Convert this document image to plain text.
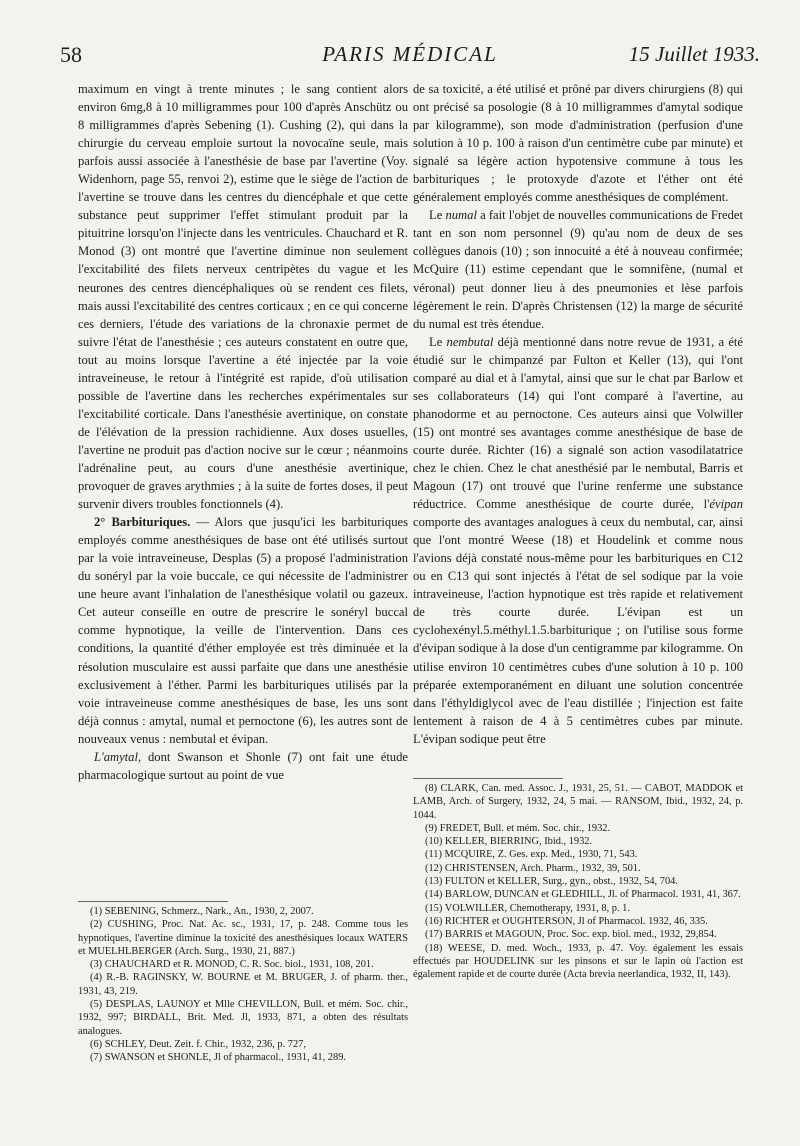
58	PARIS MÉDICAL	15 Juillet 1933.

maximum en vingt à trente minutes ; le sang contient alors environ 6mg,8 à 10 milligrammes pour 100 d'après Anschütz ou 8 milligrammes d'après Sebening (1). Cushing (2), qui dans la chirurgie du cerveau emploie surtout la novocaïne seule, mais parfois aussi associée à l'anesthésie de base par l'avertine (Voy. Widenhorn, page 55, renvoi 2), estime que le siège de l'action de l'avertine se trouve dans les centres du diencéphale et que cette substance peut supprimer l'effet stimulant produit par la pituitrine lorsqu'on l'injecte dans les ventricules. Chauchard et R. Monod (3) ont montré que l'avertine diminue non seulement l'excitabilité des filets nerveux centripètes du vague et les neurones des centres diencéphaliques où se rendent ces filets, mais aussi l'excitabilité des centres corticaux ; en ce qui concerne ces derniers, l'étude des variations de la chronaxie permet de suivre l'état de l'anesthésie ; ces auteurs constatent en outre que, tout au moins lorsque l'avertine a été injectée par la voie intraveineuse, le retour à l'intégrité est rapide, d'où utilisation possible de l'avertine dans les recherches expérimentales sur l'excitabilité corticale. Dans l'anesthésie avertinique, on constate de l'élévation de la pression rachidienne. Aux doses usuelles, l'avertine ne produit pas d'action nocive sur le cœur ; néanmoins l'adrénaline peut, au cours d'une anesthésie avertinique, provoquer de graves arythmies ; à la suite de fortes doses, il peut survenir divers troubles fonctionnels (4).

2° Barbituriques. — Alors que jusqu'ici les barbituriques employés comme anesthésiques de base ont été utilisés surtout par la voie intraveineuse, Desplas (5) a proposé l'administration du sonéryl par la voie buccale, ce qui nécessite de l'administrer une heure avant l'inhalation de l'anesthésique volatil ou gazeux. Cet auteur conseille en outre de prescrire le sonéryl buccal comme hypnotique, la veille de l'intervention. Dans ces conditions, la quantité d'éther employée est très diminuée et la résolution musculaire est aussi parfaite que dans une anesthésie exclusivement à l'éther. Parmi les barbituriques utilisés par la voie intraveineuse comme anesthésiques de base, les uns sont déjà connus : amytal, numal et pernoctone (6), les autres sont de nouveaux venus : nembutal et évipan.

L'amytal, dont Swanson et Shonle (7) ont fait une étude pharmacologique surtout au point de vue

(1) SEBENING, Schmerz., Nark., An., 1930, 2, 2007.

(2) CUSHING, Proc. Nat. Ac. sc., 1931, 17, p. 248. Comme tous les hypnotiques, l'avertine diminue la toxicité des anesthésiques locaux WATERS et MUELHLBERGER (Arch. Surg., 1930, 21, 887.)

(3) CHAUCHARD et R. MONOD, C. R. Soc. biol., 1931, 108, 201.

(4) R.-B. RAGINSKY, W. BOURNE et M. BRUGER, J. of pharm. ther., 1931, 43, 219.

(5) DESPLAS, LAUNOY et Mlle CHEVILLON, Bull. et mém. Soc. chir., 1932, 997; BIRDALL, Brit. Med. Jl, 1933, 871, a obten des résultats analogues.

(6) SCHLEY, Deut. Zeit. f. Chir., 1932, 236, p. 727,

(7) SWANSON et SHONLE, Jl of pharmacol., 1931, 41, 289.

de sa toxicité, a été utilisé et prôné par divers chirurgiens (8) qui ont précisé sa posologie (8 à 10 milligrammes d'amytal sodique par kilogramme), son mode d'administration (perfusion d'une solution à 10 p. 100 à raison d'un centimètre cube par minute) et signalé sa légère action hypotensive commune à tous les barbituriques ; le protoxyde d'azote et l'éther ont été généralement employés comme anesthésiques de complément.

Le numal a fait l'objet de nouvelles communications de Fredet tant en son nom personnel (9) qu'au nom de deux de ses collègues danois (10) ; son innocuité a été à nouveau confirmée; McQuire (11) estime cependant que le somnifène, (numal et véronal) peut donner lieu à des pneumonies et lèse parfois légèrement le rein. D'après Christensen (12) la marge de sécurité du numal est très étendue.

Le nembutal déjà mentionné dans notre revue de 1931, a été étudié sur le chimpanzé par Fulton et Keller (13), qui l'ont comparé au dial et à l'amytal, ainsi que sur le chat par Barlow et ses collaborateurs (14) qui l'ont comparé à l'avertine, au phanodorme et au pernoctone. Ces auteurs ainsi que Volwiller (15) ont montré ses avantages comme anesthésique de base de courte durée. Richter (16) a signalé son action vasodilatatrice chez le chien. Chez le chat anesthésié par le nembutal, Barris et Magoun (17) ont trouvé que l'urine renferme une substance réductrice. Comme anesthésique de courte durée, l'évipan comporte des avantages analogues à ceux du nembutal, car, ainsi que l'ont montré Weese (18) et Houdelink et comme nous l'avions déjà constaté nous-même pour les barbituriques en C12 ou en C13 qui sont injectés à l'état de sel sodique par la voie intraveineuse, l'action hypnotique est très rapide et relativement de très courte durée. L'évipan est un cyclohexényl.5.méthyl.1.5.barbiturique ; on l'utilise sous forme d'évipan sodique à la dose d'un centigramme par kilogramme. On utilise environ 10 centimètres cubes d'une solution à 10 p. 100 préparée extemporanément en diluant une solution concentrée dans l'éthyldiglycol avec de l'eau distillée ; l'injection est faite lentement à raison de 4 à 5 centimètres cubes par minute. L'évipan sodique peut être

(8) CLARK, Can. med. Assoc. J., 1931, 25, 51. — CABOT, MADDOK et LAMB, Arch. of Surgery, 1932, 24, 5 mai. — RANSOM, Ibid., 1932, 24, p. 1044.

(9) FREDET, Bull. et mém. Soc. chir., 1932.

(10) KELLER, BIERRING, Ibid., 1932.

(11) MCQUIRE, Z. Ges. exp. Med., 1930, 71, 543.

(12) CHRISTENSEN, Arch. Pharm., 1932, 39, 501.

(13) FULTON et KELLER, Surg., gyn., obst., 1932, 54, 704.

(14) BARLOW, DUNCAN et GLEDHILL, Jl. of Pharmacol. 1931, 41, 367.

(15) VOLWILLER, Chemotherapy, 1931, 8, p. 1.

(16) RICHTER et OUGHTERSON, Jl of Pharmacol. 1932, 46, 335.

(17) BARRIS et MAGOUN, Proc. Soc. exp. biol. med., 1932, 29,854.

(18) WEESE, D. med. Woch., 1933, p. 47. Voy. également les essais effectués par HOUDELINK sur les pinsons et sur le lapin où l'action est également rapide et de courte durée (Acta brevia neerlandica, 1932, II, 143).
